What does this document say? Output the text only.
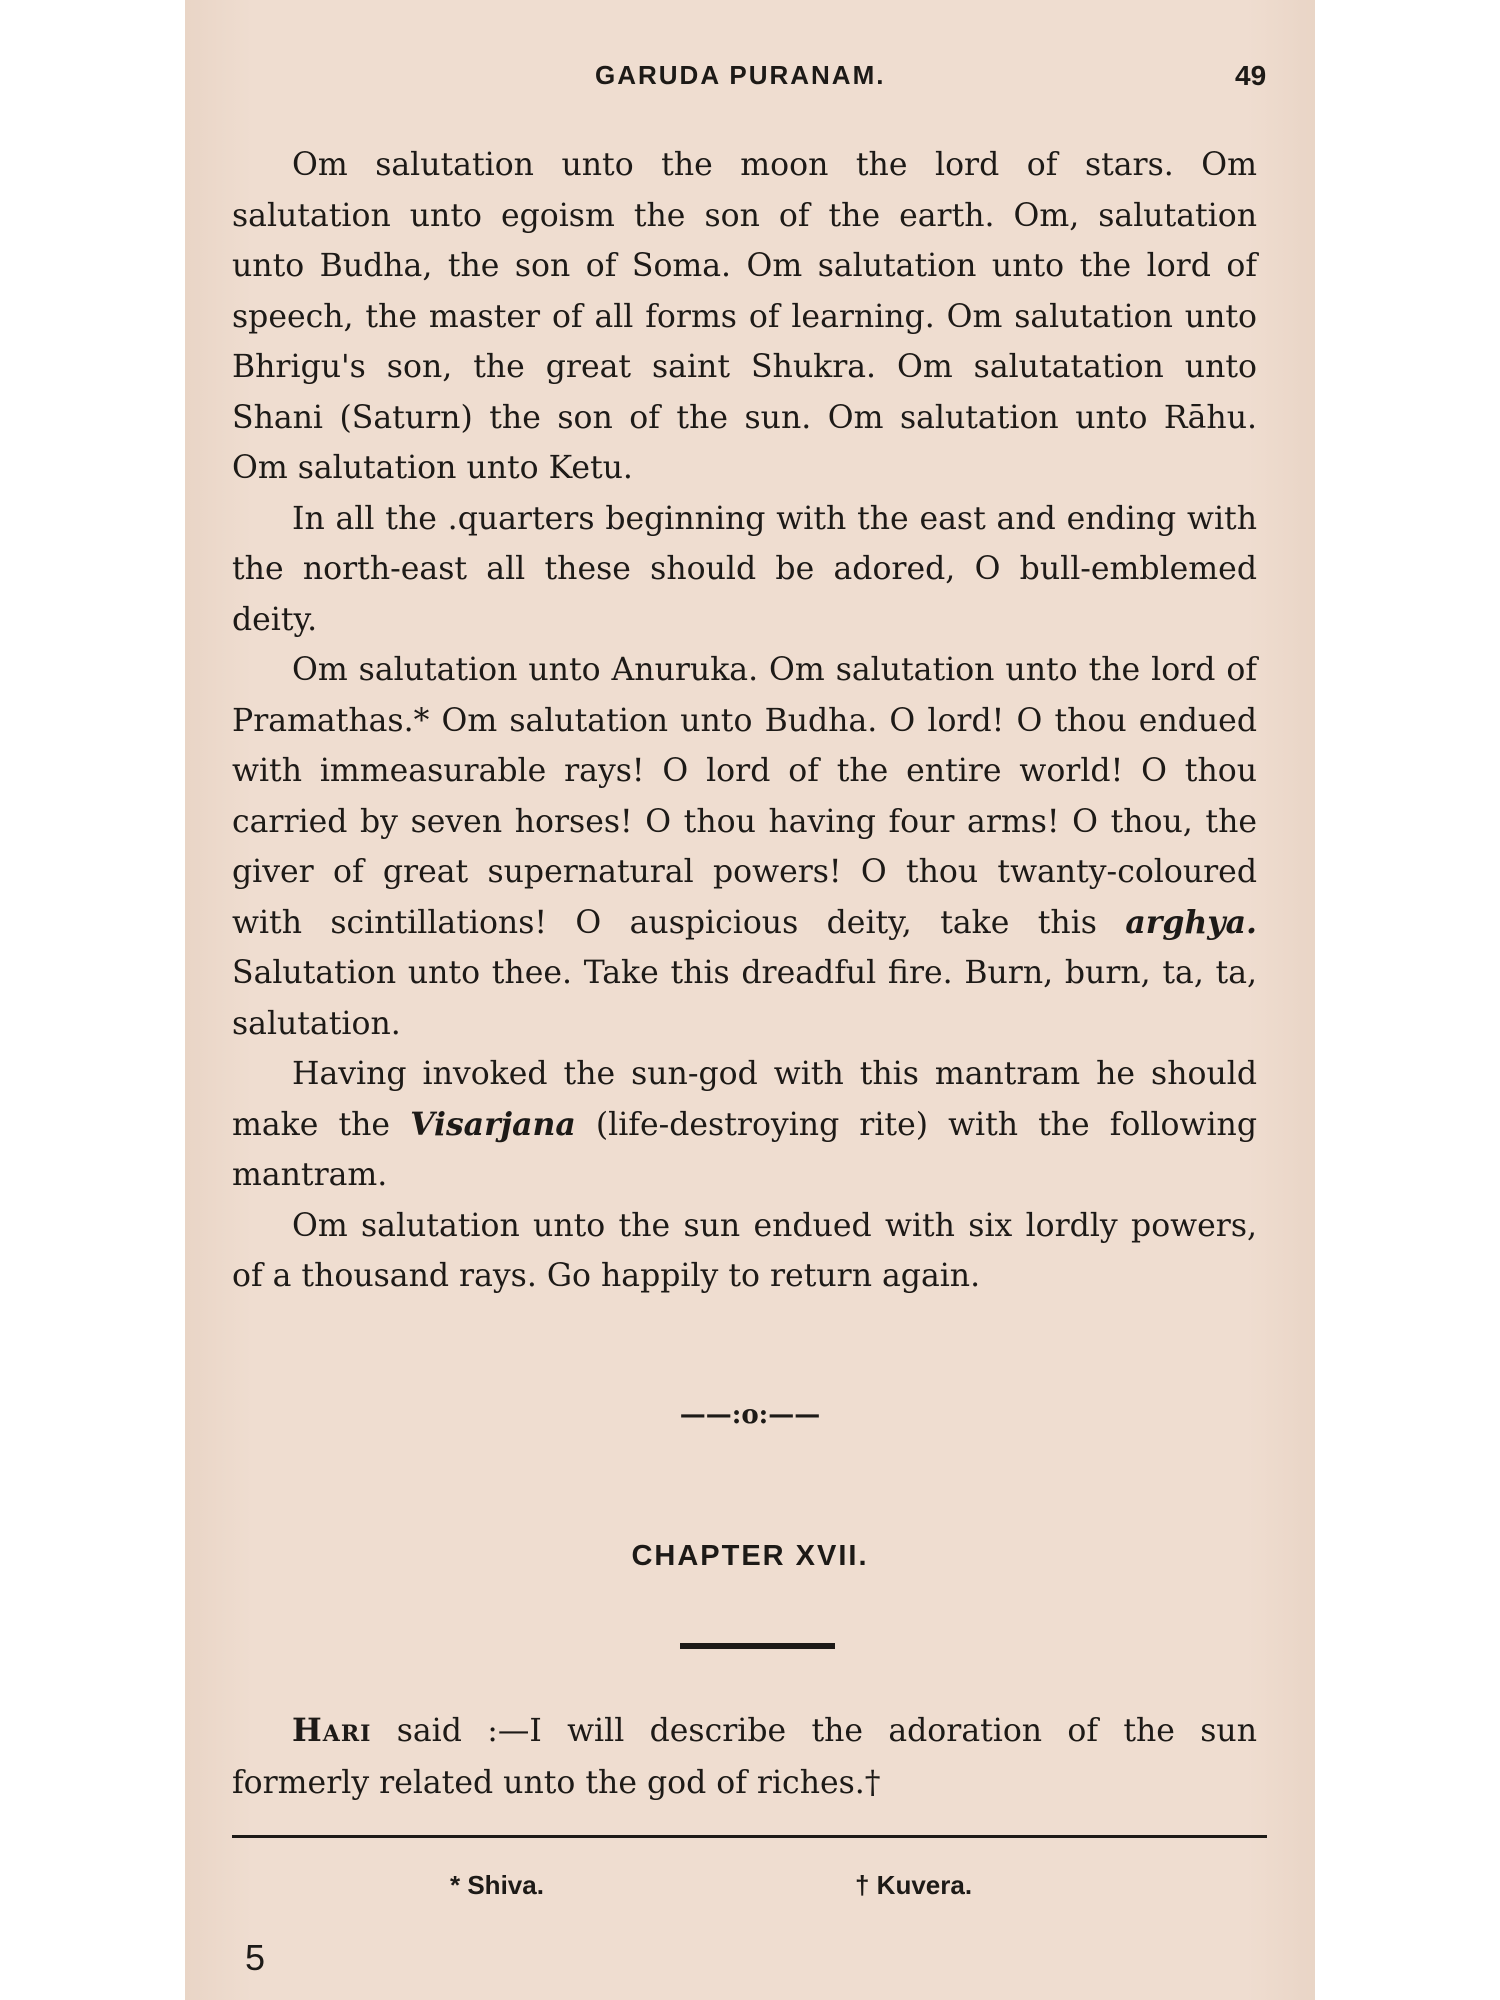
GARUDA PURANAM.	49

Om salutation unto the moon the lord of stars. Om salutation unto egoism the son of the earth. Om, salutation unto Budha, the son of Soma. Om salutation unto the lord of speech, the master of all forms of learning. Om salutation unto Bhrigu's son, the great saint Shukra. Om salutatation unto Shani (Saturn) the son of the sun. Om salutation unto Rāhu. Om salutation unto Ketu.

In all the .quarters beginning with the east and ending with the north-east all these should be adored, O bull-emblemed deity.

Om salutation unto Anuruka. Om salutation unto the lord of Pramathas.* Om salutation unto Budha. O lord! O thou endued with immeasurable rays! O lord of the entire world! O thou carried by seven horses! O thou having four arms! O thou, the giver of great supernatural powers! O thou twanty-coloured with scintillations! O auspicious deity, take this arghya. Salutation unto thee. Take this dreadful fire. Burn, burn, ta, ta, salutation.

Having invoked the sun-god with this mantram he should make the Visarjana (life-destroying rite) with the following mantram.

Om salutation unto the sun endued with six lordly powers, of a thousand rays. Go happily to return again.

——:o:——
CHAPTER XVII.

Hari said :—I will describe the adoration of the sun formerly related unto the god of riches.†

* Shiva.	† Kuvera.
5
